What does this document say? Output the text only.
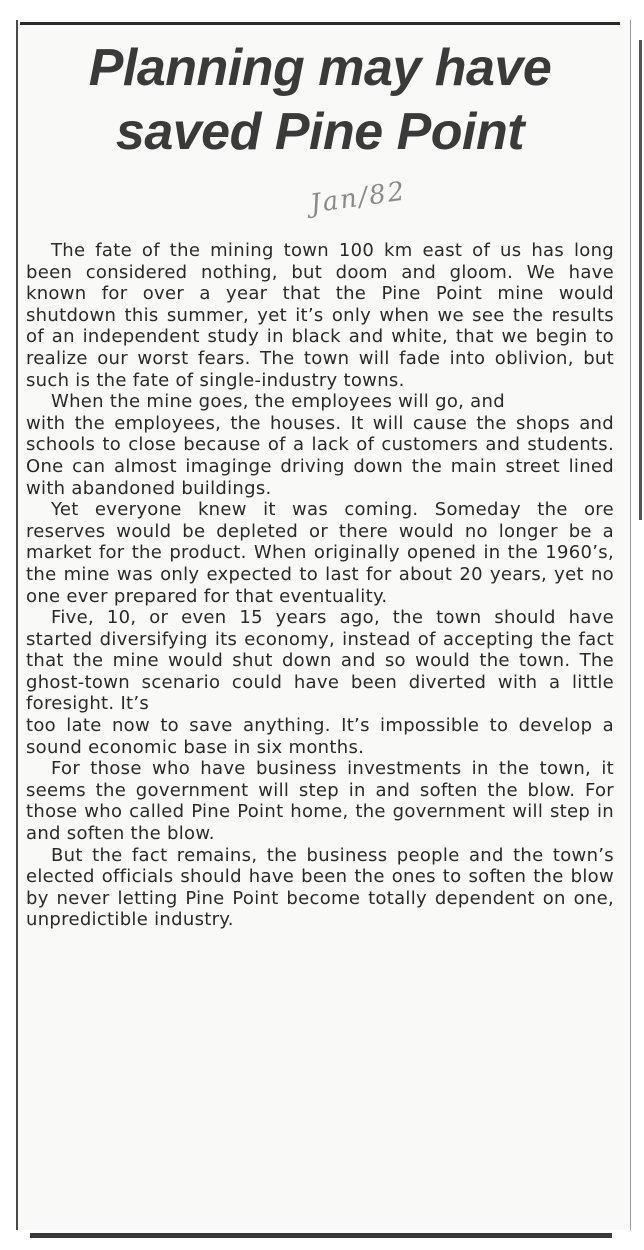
Planning may have
saved Pine Point

Jan/82

The fate of the mining town 100 km east of us has long been considered nothing, but doom and gloom. We have known for over a year that the Pine Point mine would shutdown this summer, yet it’s only when we see the results of an independent study in black and white, that we begin to realize our worst fears. The town will fade into oblivion, but such is the fate of single-industry towns.

When the mine goes, the employees will go, and

with the employees, the houses. It will cause the shops and schools to close because of a lack of customers and students. One can almost imaginge driving down the main street lined with abandoned buildings.

Yet everyone knew it was coming. Someday the ore reserves would be depleted or there would no longer be a market for the product. When originally opened in the 1960’s, the mine was only expected to last for about 20 years, yet no one ever prepared for that eventuality.

Five, 10, or even 15 years ago, the town should have started diversifying its economy, instead of accepting the fact that the mine would shut down and so would the town. The ghost-town scenario could have been diverted with a little foresight. It’s

too late now to save anything. It’s impossible to develop a sound economic base in six months.

For those who have business investments in the town, it seems the government will step in and soften the blow. For those who called Pine Point home, the government will step in and soften the blow.

But the fact remains, the business people and the town’s elected officials should have been the ones to soften the blow by never letting Pine Point become totally dependent on one, unpredictible industry.
